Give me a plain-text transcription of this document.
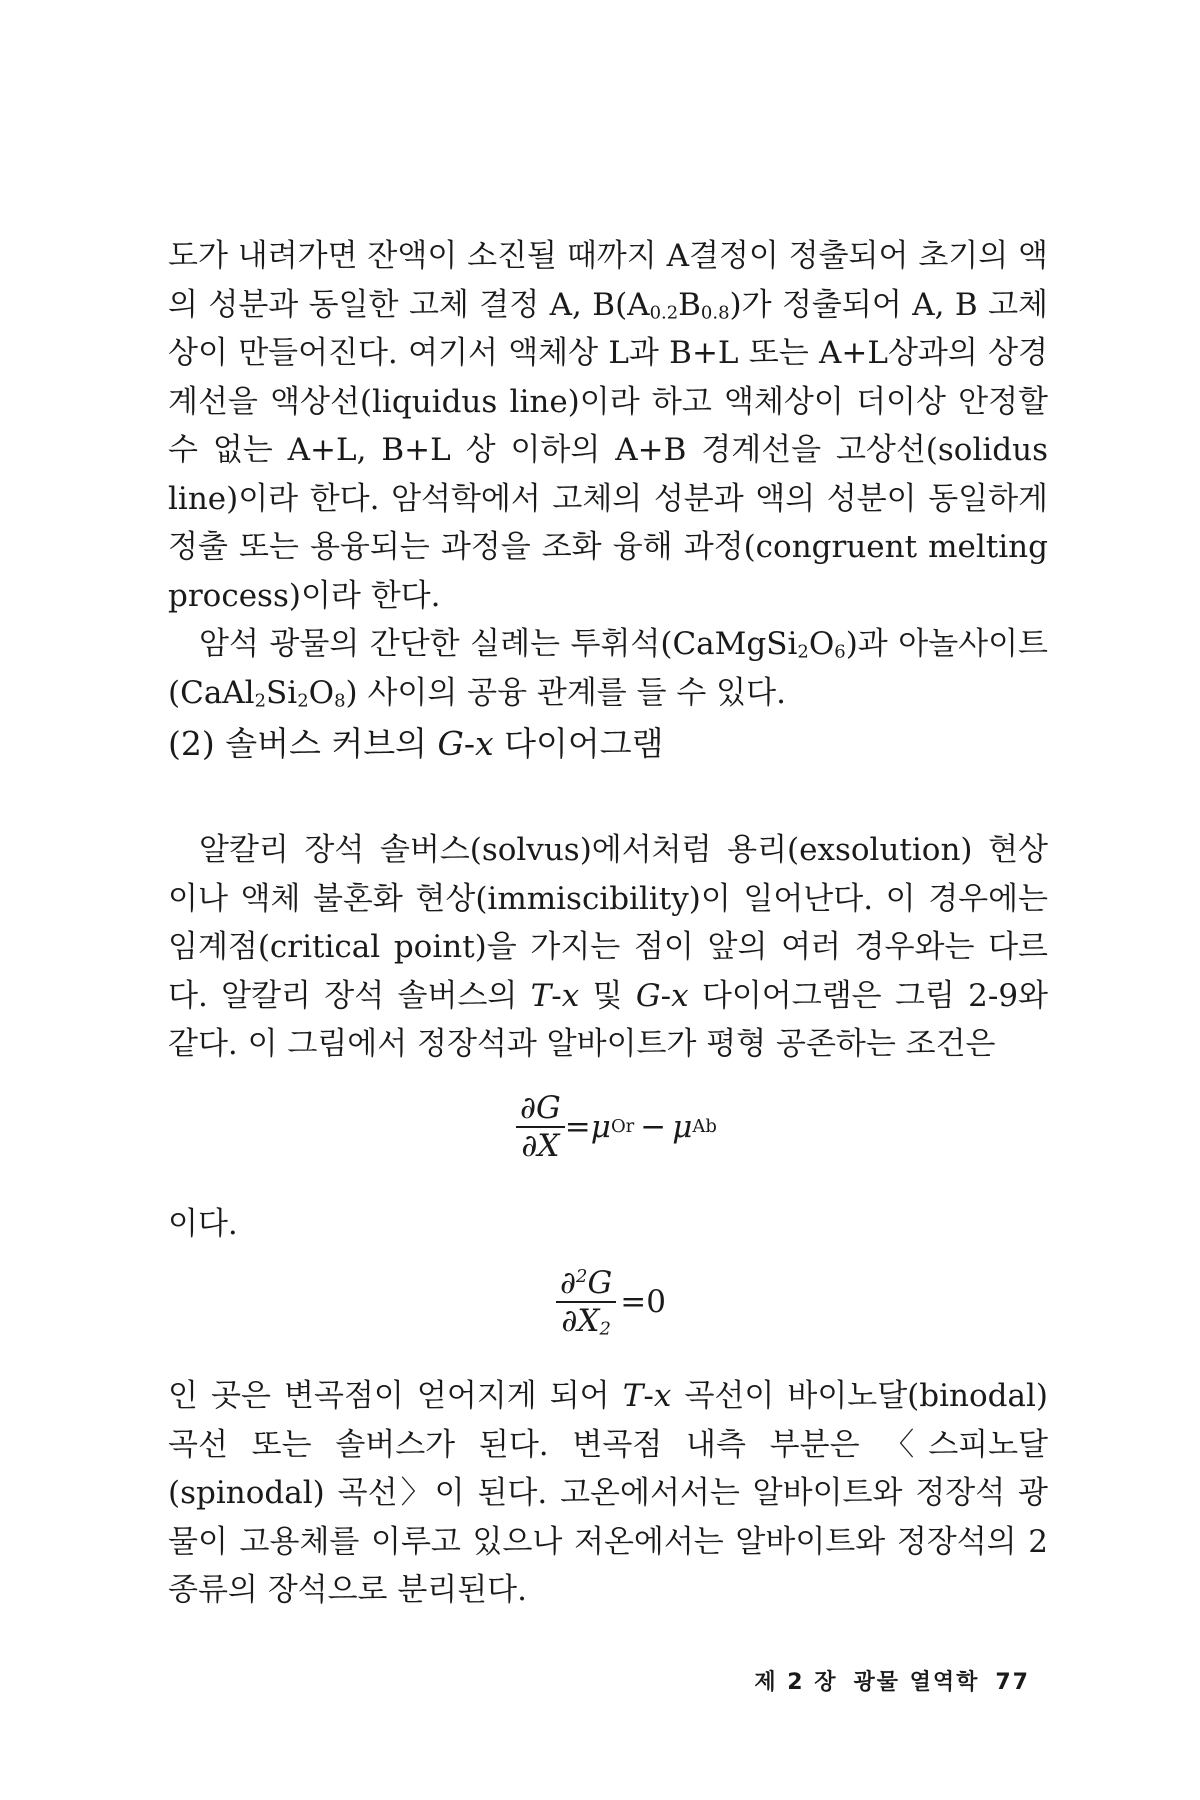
도가 내려가면 잔액이 소진될 때까지 A결정이 정출되어 초기의 액의 성분과 동일한 고체 결정 A, $B(A_{0.2}B_{0.8})$가 정출되어 A, B 고체상이 만들어진다. 여기서 액체상 L과 B+L 또는 A+L상과의 상경계선을 액상선(liquidus line)이라 하고 액체상이 더이상 안정할 수 없는 A+L, B+L 상 이하의 A+B 경계선을 고상선(solidus line)이라 한다. 암석학에서 고체의 성분과 액의 성분이 동일하게 정출 또는 용융되는 과정을 조화 융해 과정(congruent melting process)이라 한다.

암석 광물의 간단한 실례는 투휘석$(CaMgSi_2O_6)$과 아놀사이트$(CaAl_2Si_2O_8)$ 사이의 공융 관계를 들 수 있다.

(2) 솔버스 커브의 G-x 다이어그램

알칼리 장석 솔버스(solvus)에서처럼 용리(exsolution) 현상이나 액체 불혼화 현상(immiscibility)이 일어난다. 이 경우에는 임계점(critical point)을 가지는 점이 앞의 여러 경우와는 다르다. 알칼리 장석 솔버스의 T-x 및 G-x 다이어그램은 그림 2-9와 같다. 이 그림에서 정장석과 알바이트가 평형 공존하는 조건은

$\frac{\partial G}{\partial X} = \mu$ Or − μ Ab

이다.

$\frac{\partial^2G}{\partial X_2} =0$

인 곳은 변곡점이 얻어지게 되어 T-x 곡선이 바이노달(binodal) 곡선 또는 솔버스가 된다. 변곡점 내측 부분은 〈스피노달(spinodal) 곡선〉이 된다. 고온에서서는 알바이트와 정장석 광물이 고용체를 이루고 있으나 저온에서는 알바이트와 정장석의 2종류의 장석으로 분리된다.

제 2 장 광물 열역학 77
